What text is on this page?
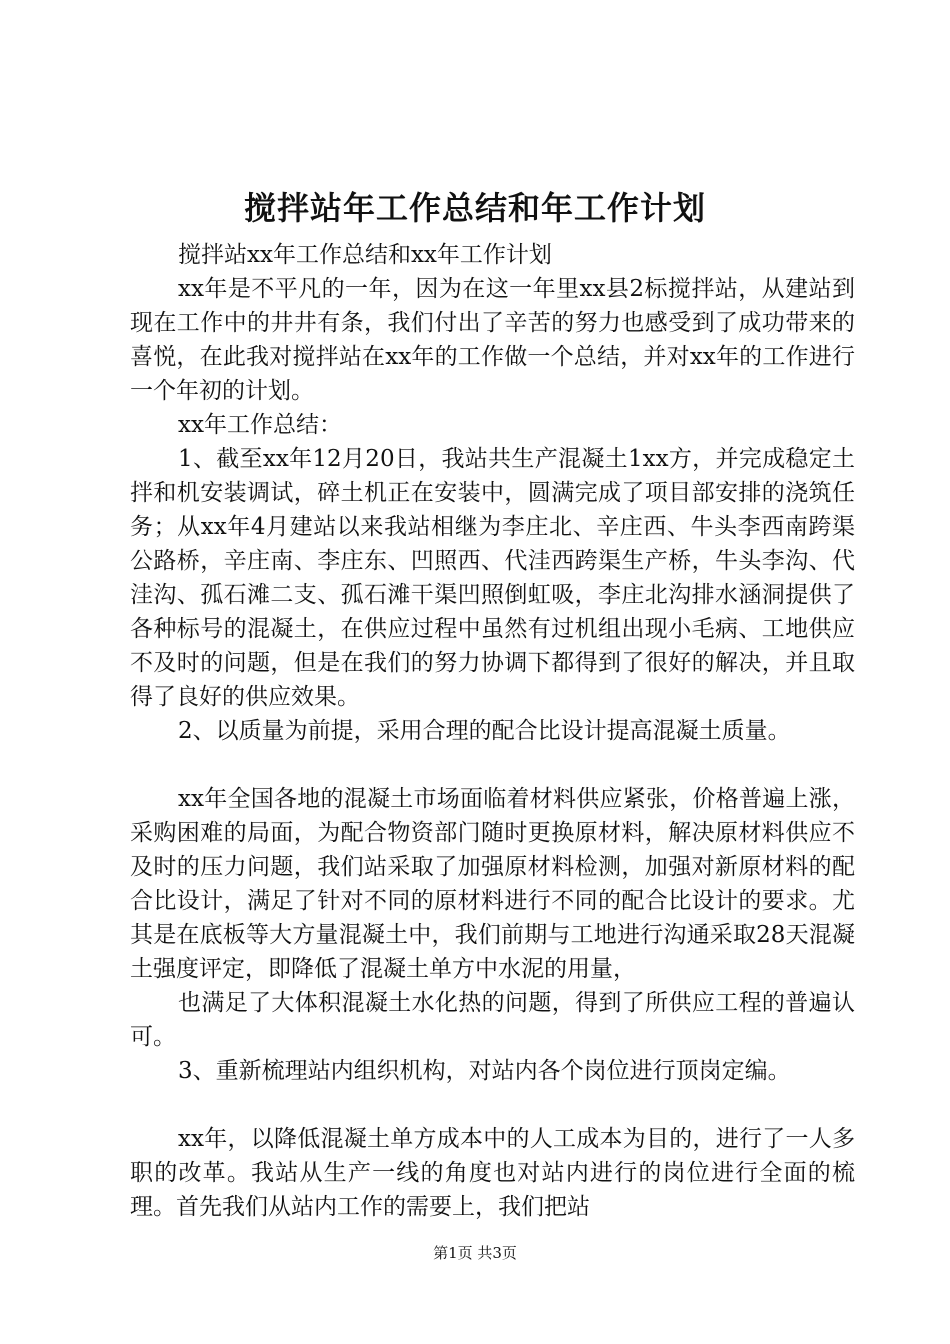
搅拌站年工作总结和年工作计划

搅拌站xx年工作总结和xx年工作计划

xx年是不平凡的一年，因为在这一年里xx县2标搅拌站，从建站到现在工作中的井井有条，我们付出了辛苦的努力也感受到了成功带来的喜悦，在此我对搅拌站在xx年的工作做一个总结，并对xx年的工作进行一个年初的计划。

xx年工作总结：

1、截至xx年12月20日，我站共生产混凝土1xx方，并完成稳定土拌和机安装调试，碎土机正在安装中，圆满完成了项目部安排的浇筑任务；从xx年4月建站以来我站相继为李庄北、辛庄西、牛头李西南跨渠公路桥，辛庄南、李庄东、凹照西、代洼西跨渠生产桥，牛头李沟、代洼沟、孤石滩二支、孤石滩干渠凹照倒虹吸，李庄北沟排水涵洞提供了各种标号的混凝土，在供应过程中虽然有过机组出现小毛病、工地供应不及时的问题，但是在我们的努力协调下都得到了很好的解决，并且取得了良好的供应效果。

2、以质量为前提，采用合理的配合比设计提高混凝土质量。

xx年全国各地的混凝土市场面临着材料供应紧张，价格普遍上涨，采购困难的局面，为配合物资部门随时更换原材料，解决原材料供应不及时的压力问题，我们站采取了加强原材料检测，加强对新原材料的配合比设计，满足了针对不同的原材料进行不同的配合比设计的要求。尤其是在底板等大方量混凝土中，我们前期与工地进行沟通采取28天混凝土强度评定，即降低了混凝土单方中水泥的用量，

也满足了大体积混凝土水化热的问题，得到了所供应工程的普遍认可。

3、重新梳理站内组织机构，对站内各个岗位进行顶岗定编。

xx年，以降低混凝土单方成本中的人工成本为目的，进行了一人多职的改革。我站从生产一线的角度也对站内进行的岗位进行全面的梳理。首先我们从站内工作的需要上，我们把站

第1页 共3页
